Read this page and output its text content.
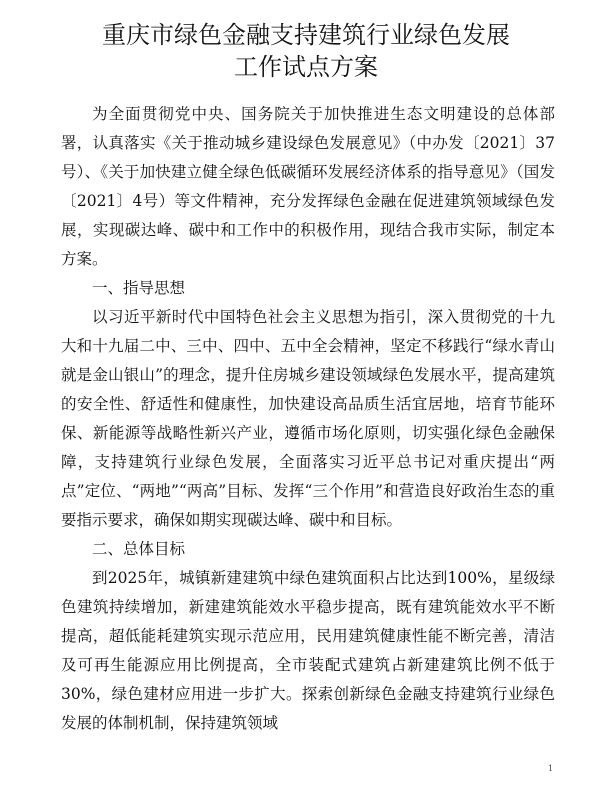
重庆市绿色金融支持建筑行业绿色发展
工作试点方案

为全面贯彻党中央、国务院关于加快推进生态文明建设的总体部署，认真落实《关于推动城乡建设绿色发展意见》（中办发〔2021〕37号）、《关于加快建立健全绿色低碳循环发展经济体系的指导意见》（国发〔2021〕4号）等文件精神，充分发挥绿色金融在促进建筑领域绿色发展，实现碳达峰、碳中和工作中的积极作用，现结合我市实际，制定本方案。

一、指导思想

以习近平新时代中国特色社会主义思想为指引，深入贯彻党的十九大和十九届二中、三中、四中、五中全会精神，坚定不移践行“绿水青山就是金山银山”的理念，提升住房城乡建设领域绿色发展水平，提高建筑的安全性、舒适性和健康性，加快建设高品质生活宜居地，培育节能环保、新能源等战略性新兴产业，遵循市场化原则，切实强化绿色金融保障，支持建筑行业绿色发展，全面落实习近平总书记对重庆提出“两点”定位、“两地”“两高”目标、发挥“三个作用”和营造良好政治生态的重要指示要求，确保如期实现碳达峰、碳中和目标。

二、总体目标

到2025年，城镇新建建筑中绿色建筑面积占比达到100%，星级绿色建筑持续增加，新建建筑能效水平稳步提高，既有建筑能效水平不断提高，超低能耗建筑实现示范应用，民用建筑健康性能不断完善，清洁及可再生能源应用比例提高，全市装配式建筑占新建建筑比例不低于30%，绿色建材应用进一步扩大。探索创新绿色金融支持建筑行业绿色发展的体制机制，保持建筑领域

1
